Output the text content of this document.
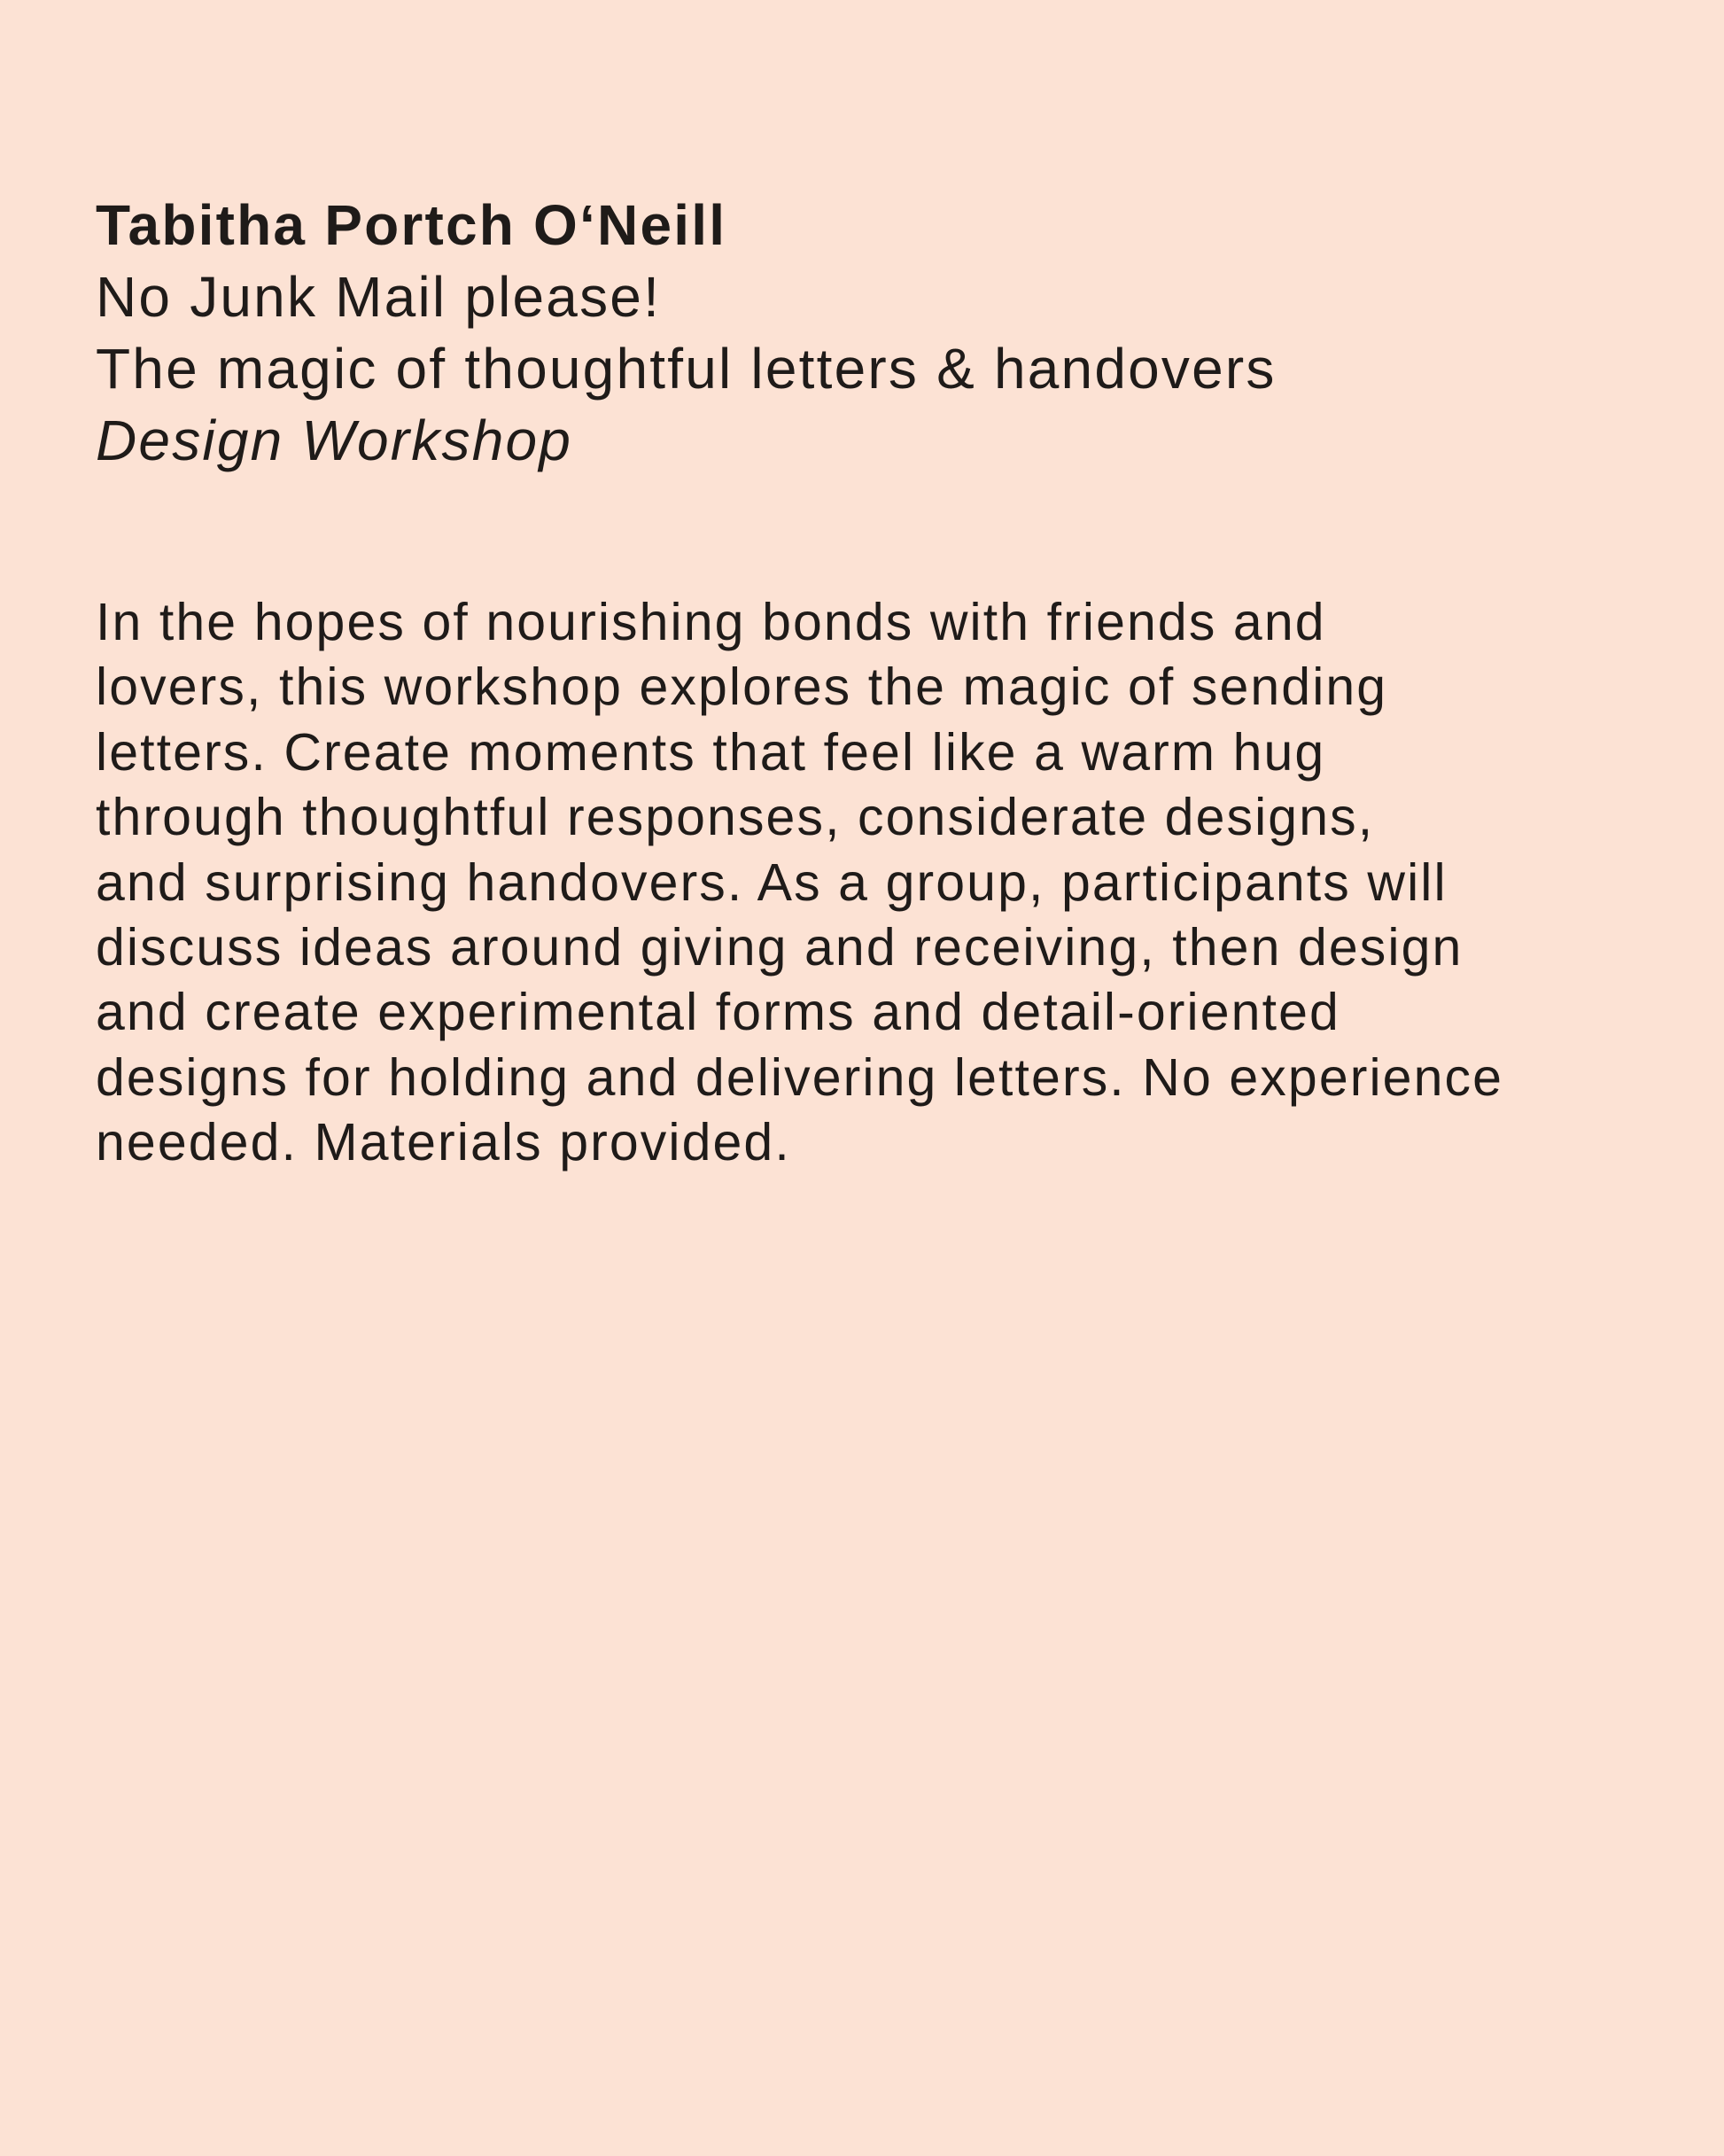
Tabitha Portch O‘Neill
No Junk Mail please!
The magic of thoughtful letters & handovers
Design Workshop
In the hopes of nourishing bonds with friends and
lovers, this workshop explores the magic of sending
letters. Create moments that feel like a warm hug
through thoughtful responses, considerate designs,
and surprising handovers. As a group, participants will
discuss ideas around giving and receiving, then design
and create experimental forms and detail-oriented
designs for holding and delivering letters. No experience
needed. Materials provided.
